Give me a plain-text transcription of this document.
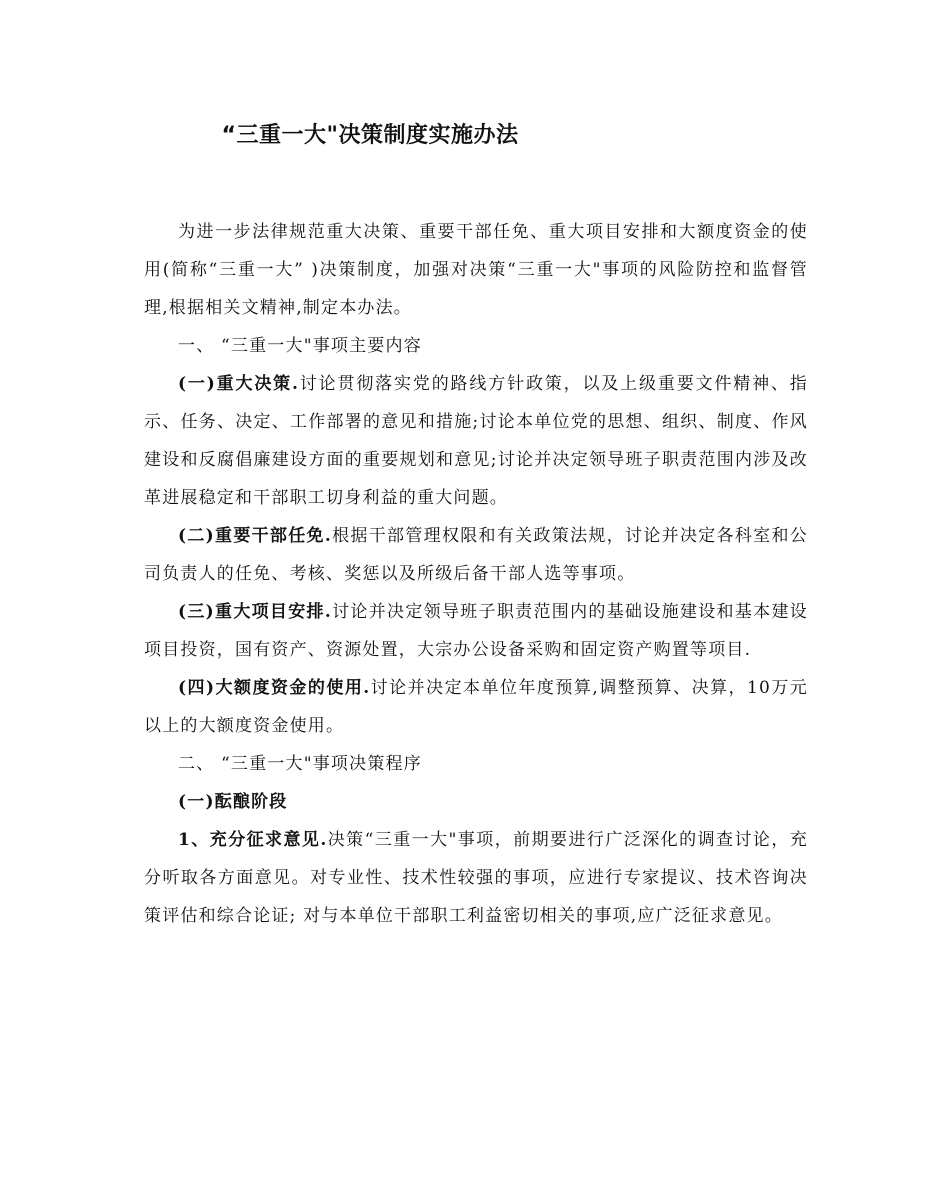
“三重一大"决策制度实施办法

为进一步法律规范重大决策、重要干部任免、重大项目安排和大额度资金的使用(简称“三重一大” )决策制度，加强对决策“三重一大"事项的风险防控和监督管理,根据相关文精神,制定本办法。

一、 “三重一大"事项主要内容

(一)重大决策.讨论贯彻落实党的路线方针政策，以及上级重要文件精神、指示、任务、决定、工作部署的意见和措施;讨论本单位党的思想、组织、制度、作风建设和反腐倡廉建设方面的重要规划和意见;讨论并决定领导班子职责范围内涉及改革进展稳定和干部职工切身利益的重大问题。

(二)重要干部任免.根据干部管理权限和有关政策法规，讨论并决定各科室和公司负责人的任免、考核、奖惩以及所级后备干部人选等事项。

(三)重大项目安排.讨论并决定领导班子职责范围内的基础设施建设和基本建设项目投资，国有资产、资源处置，大宗办公设备采购和固定资产购置等项目.

(四)大额度资金的使用.讨论并决定本单位年度预算,调整预算、决算，10万元以上的大额度资金使用。

二、 “三重一大"事项决策程序

(一)酝酿阶段

1、充分征求意见.决策“三重一大"事项，前期要进行广泛深化的调查讨论，充分听取各方面意见。对专业性、技术性较强的事项，应进行专家提议、技术咨询决策评估和综合论证; 对与本单位干部职工利益密切相关的事项,应广泛征求意见。
